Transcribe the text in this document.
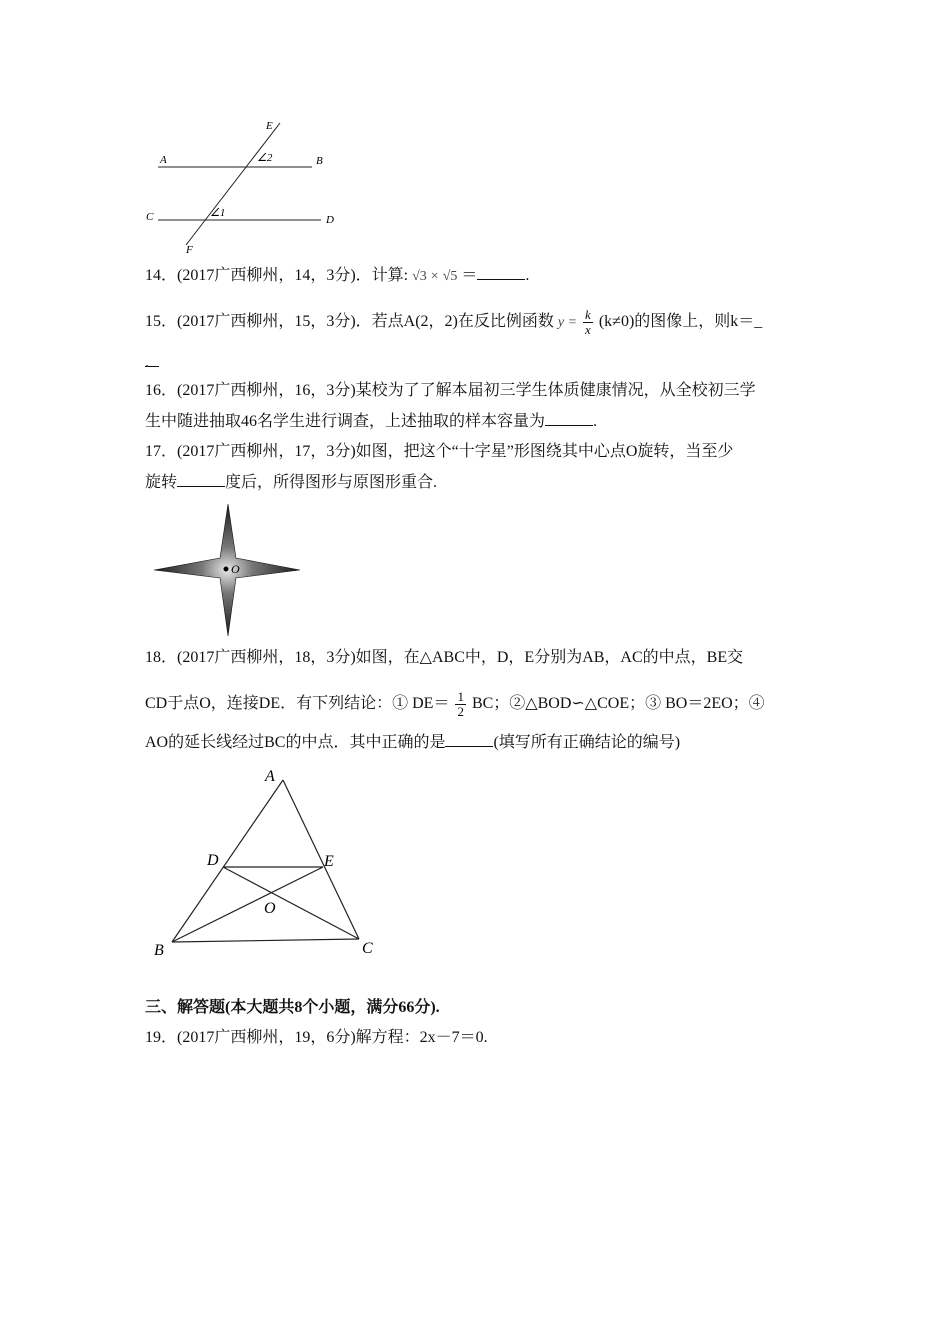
E
A	∠2	B
C	∠1
D
F
14．(2017广西柳州，14，3分)．计算: √3 × √5 ＝	.
15．(2017广西柳州，15，3分)．若点A(2，2)在反比例函数 $y = \frac{k}{x} (k\ne 0)$的图像上，则k＝_
.
16．(2017广西柳州，16，3分)某校为了了解本届初三学生体质健康情况，从全校初三学
生中随进抽取46名学生进行调查，上述抽取的样本容量为	.
17．(2017广西柳州，17，3分)如图，把这个“十字星”形图绕其中心点O旋转，当至少
旋转	度后，所得图形与原图形重合.
O
18．(2017广西柳州，18，3分)如图，在△ABC中，D，E分别为AB，AC的中点，BE交
CD于点O，连接DE．有下列结论：① $DE= \frac{1}{2}$ BC；②△BOD∽△COE；③ BO＝2EO；④
AO的延长线经过BC的中点．其中正确的是	(填写所有正确结论的编号)
A
D	E
O
B	C
三、解答题(本大题共8个小题，满分66分).
19．(2017广西柳州，19，6分)解方程：2x－7＝0.
